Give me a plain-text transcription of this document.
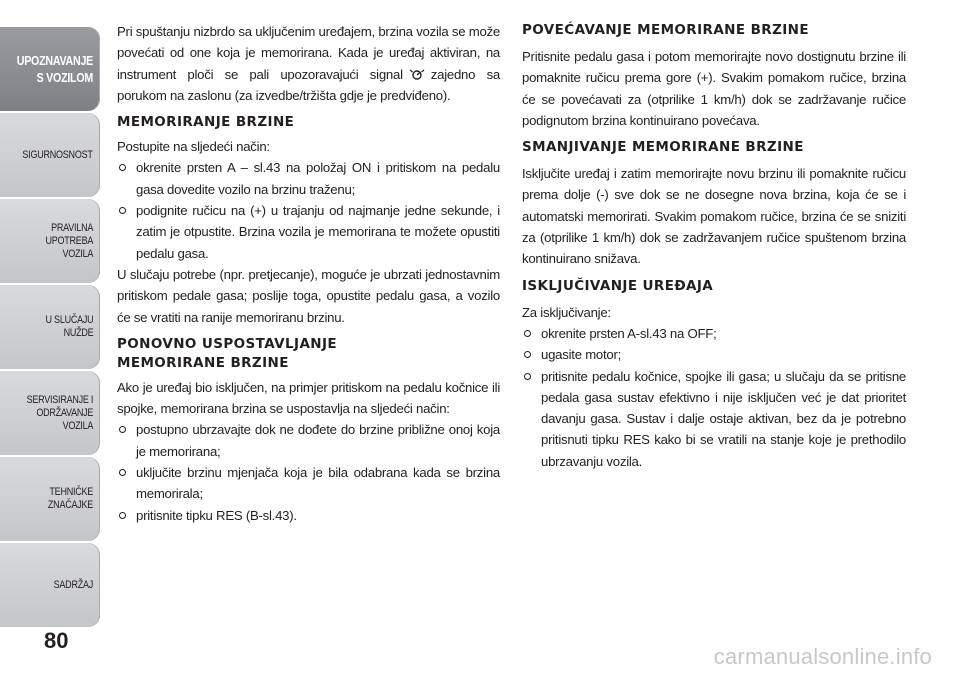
UPOZNAVANJE
S VOZILOM
SIGURNOSNOST
PRAVILNA
UPOTREBA
VOZILA
U SLUČAJU
NUŽDE
SERVISIRANJE I
ODRŽAVANJE
VOZILA
TEHNIČKE
ZNAČAJKE
SADRŽAJ
80

Pri spuštanju nizbrdo sa uključenim uređajem, brzina vozila se može povećati od one koja je memorirana. Kada je uređaj aktiviran, na instrument ploči se pali upozoravajući signal zajedno sa porukom na zaslonu (za izvedbe/tržišta gdje je predviđeno).

MEMORIRANJE BRZINE

Postupite na sljedeći način:

okrenite prsten A – sl.43 na položaj ON i pritiskom na pedalu gasa dovedite vozilo na brzinu traženu;
podignite ručicu na (+) u trajanju od najmanje jedne sekunde, i zatim je otpustite. Brzina vozila je memorirana te možete opustiti pedalu gasa.

U slučaju potrebe (npr. pretjecanje), moguće je ubrzati jednostavnim pritiskom pedale gasa; poslije toga, opustite pedalu gasa, a vozilo će se vratiti na ranije memoriranu brzinu.

PONOVNO USPOSTAVLJANJE
MEMORIRANE BRZINE

Ako je uređaj bio isključen, na primjer pritiskom na pedalu kočnice ili spojke, memorirana brzina se uspostavlja na sljedeći način:

postupno ubrzavajte dok ne dođete do brzine približne onoj koja je memorirana;
uključite brzinu mjenjača koja je bila odabrana kada se brzina memorirala;
pritisnite tipku RES (B-sl.43).
POVEĆAVANJE MEMORIRANE BRZINE

Pritisnite pedalu gasa i potom memorirajte novo dostignutu brzine ili pomaknite ručicu prema gore (+). Svakim pomakom ručice, brzina će se povećavati za (otprilike 1 km/h) dok se zadržavanje ručice podignutom brzina kontinuirano povećava.

SMANJIVANJE MEMORIRANE BRZINE

Isključite uređaj i zatim memorirajte novu brzinu ili pomaknite ručicu prema dolje (-) sve dok se ne dosegne nova brzina, koja će se i automatski memorirati. Svakim pomakom ručice, brzina će se sniziti za (otprilike 1 km/h) dok se zadržavanjem ručice spuštenom brzina kontinuirano snižava.

ISKLJUČIVANJE UREĐAJA

Za isključivanje:

okrenite prsten A-sl.43 na OFF;
ugasite motor;
pritisnite pedalu kočnice, spojke ili gasa; u slučaju da se pritisne pedala gasa sustav efektivno i nije isključen već je dat prioritet davanju gasa. Sustav i dalje ostaje aktivan, bez da je potrebno pritisnuti tipku RES kako bi se vratili na stanje koje je prethodilo ubrzavanju vozila.
carmanualsonline.info
